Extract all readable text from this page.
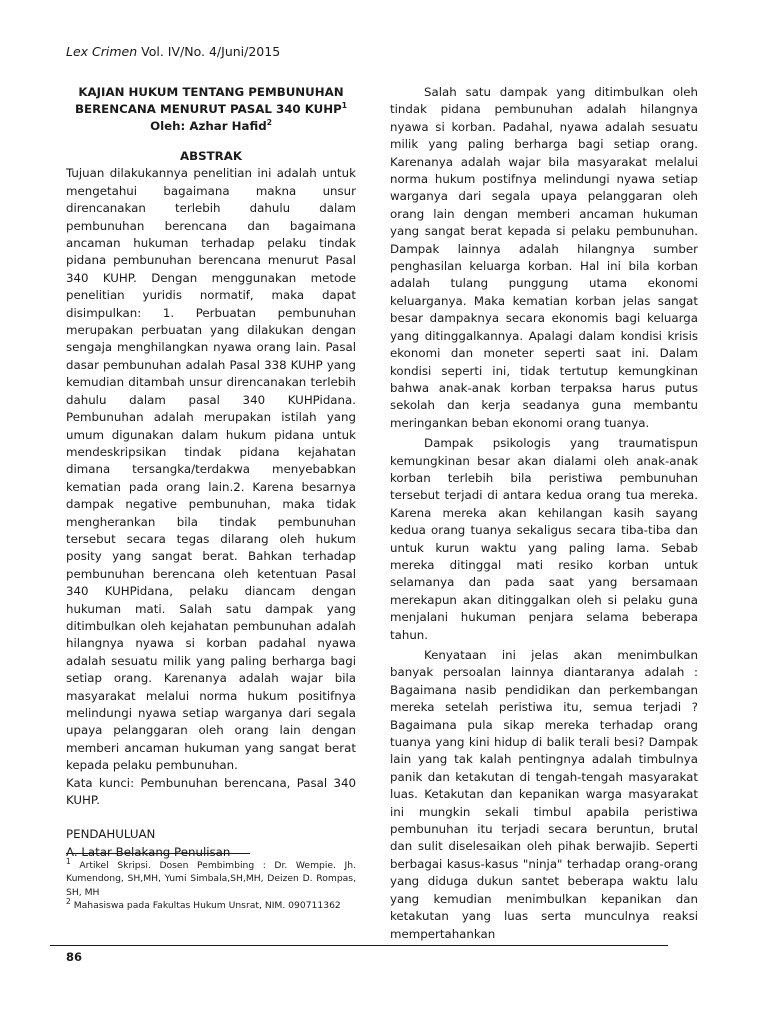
Lex Crimen Vol. IV/No. 4/Juni/2015
KAJIAN HUKUM TENTANG PEMBUNUHAN
BERENCANA MENURUT PASAL 340 KUHP$^1$
Oleh: Azhar Hafid$^2$
ABSTRAK

Tujuan dilakukannya penelitian ini adalah untuk mengetahui bagaimana makna unsur direncanakan terlebih dahulu dalam pembunuhan berencana dan bagaimana ancaman hukuman terhadap pelaku tindak pidana pembunuhan berencana menurut Pasal 340 KUHP. Dengan menggunakan metode penelitian yuridis normatif, maka dapat disimpulkan: 1. Perbuatan pembunuhan merupakan perbuatan yang dilakukan dengan sengaja menghilangkan nyawa orang lain. Pasal dasar pembunuhan adalah Pasal 338 KUHP yang kemudian ditambah unsur direncanakan terlebih dahulu dalam pasal 340 KUHPidana. Pembunuhan adalah merupakan istilah yang umum digunakan dalam hukum pidana untuk mendeskripsikan tindak pidana kejahatan dimana tersangka/terdakwa menyebabkan kematian pada orang lain.2. Karena besarnya dampak negative pembunuhan, maka tidak mengherankan bila tindak pembunuhan tersebut secara tegas dilarang oleh hukum posity yang sangat berat. Bahkan terhadap pembunuhan berencana oleh ketentuan Pasal 340 KUHPidana, pelaku diancam dengan hukuman mati. Salah satu dampak yang ditimbulkan oleh kejahatan pembunuhan adalah hilangnya nyawa si korban padahal nyawa adalah sesuatu milik yang paling berharga bagi setiap orang. Karenanya adalah wajar bila masyarakat melalui norma hukum positifnya melindungi nyawa setiap warganya dari segala upaya pelanggaran oleh orang lain dengan memberi ancaman hukuman yang sangat berat kepada pelaku pembunuhan.

Kata kunci: Pembunuhan berencana, Pasal 340 KUHP.

PENDAHULUAN
A. Latar Belakang Penulisan
$^1$ Artikel Skripsi. Dosen Pembimbing : Dr. Wempie. Jh. Kumendong, SH,MH, Yumi Simbala,SH,MH, Deizen D. Rompas, SH, MH
$^2$ Mahasiswa pada Fakultas Hukum Unsrat, NIM. 090711362

Salah satu dampak yang ditimbulkan oleh tindak pidana pembunuhan adalah hilangnya nyawa si korban. Padahal, nyawa adalah sesuatu milik yang paling berharga bagi setiap orang. Karenanya adalah wajar bila masyarakat melalui norma hukum postifnya melindungi nyawa setiap warganya dari segala upaya pelanggaran oleh orang lain dengan memberi ancaman hukuman yang sangat berat kepada si pelaku pembunuhan. Dampak lainnya adalah hilangnya sumber penghasilan keluarga korban. Hal ini bila korban adalah tulang punggung utama ekonomi keluarganya. Maka kematian korban jelas sangat besar dampaknya secara ekonomis bagi keluarga yang ditinggalkannya. Apalagi dalam kondisi krisis ekonomi dan moneter seperti saat ini. Dalam kondisi seperti ini, tidak tertutup kemungkinan bahwa anak-anak korban terpaksa harus putus sekolah dan kerja seadanya guna membantu meringankan beban ekonomi orang tuanya.

Dampak psikologis yang traumatispun kemungkinan besar akan dialami oleh anak-anak korban terlebih bila peristiwa pembunuhan tersebut terjadi di antara kedua orang tua mereka. Karena mereka akan kehilangan kasih sayang kedua orang tuanya sekaligus secara tiba-tiba dan untuk kurun waktu yang paling lama. Sebab mereka ditinggal mati resiko korban untuk selamanya dan pada saat yang bersamaan merekapun akan ditinggalkan oleh si pelaku guna menjalani hukuman penjara selama beberapa tahun.

Kenyataan ini jelas akan menimbulkan banyak persoalan lainnya diantaranya adalah : Bagaimana nasib pendidikan dan perkembangan mereka setelah peristiwa itu, semua terjadi ? Bagaimana pula sikap mereka terhadap orang tuanya yang kini hidup di balik terali besi? Dampak lain yang tak kalah pentingnya adalah timbulnya panik dan ketakutan di tengah-tengah masyarakat luas. Ketakutan dan kepanikan warga masyarakat ini mungkin sekali timbul apabila peristiwa pembunuhan itu terjadi secara beruntun, brutal dan sulit diselesaikan oleh pihak berwajib. Seperti berbagai kasus-kasus "ninja" terhadap orang-orang yang diduga dukun santet beberapa waktu lalu yang kemudian menimbulkan kepanikan dan ketakutan yang luas serta munculnya reaksi mempertahankan

86
